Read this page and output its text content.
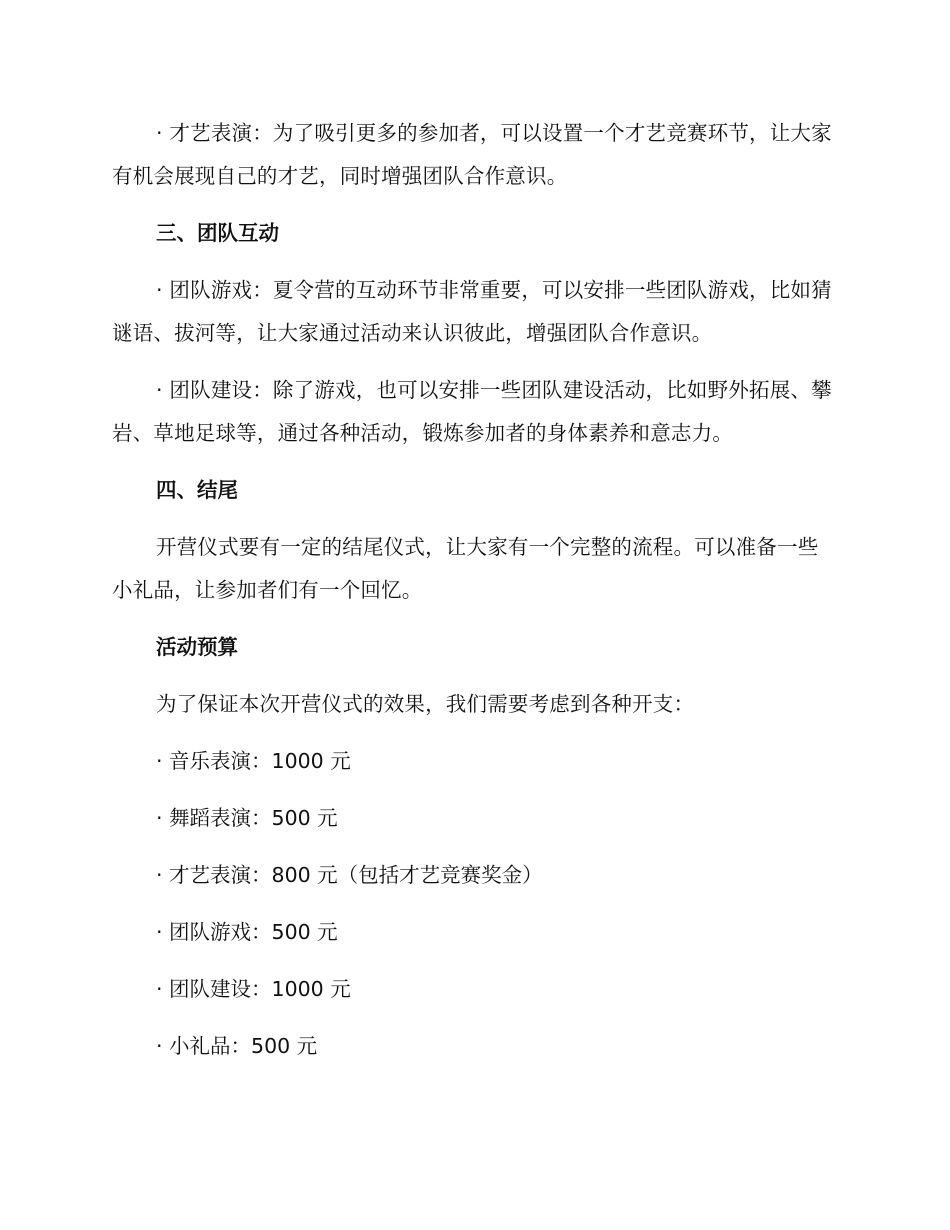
· 才艺表演：为了吸引更多的参加者，可以设置一个才艺竞赛环节，让大家有机会展现自己的才艺，同时增强团队合作意识。

三、团队互动

· 团队游戏：夏令营的互动环节非常重要，可以安排一些团队游戏，比如猜谜语、拔河等，让大家通过活动来认识彼此，增强团队合作意识。

· 团队建设：除了游戏，也可以安排一些团队建设活动，比如野外拓展、攀岩、草地足球等，通过各种活动，锻炼参加者的身体素养和意志力。

四、结尾

开营仪式要有一定的结尾仪式，让大家有一个完整的流程。可以准备一些小礼品，让参加者们有一个回忆。

活动预算

为了保证本次开营仪式的效果，我们需要考虑到各种开支：

· 音乐表演：1000 元

· 舞蹈表演：500 元

· 才艺表演：800 元（包括才艺竞赛奖金）

· 团队游戏：500 元

· 团队建设：1000 元

· 小礼品：500 元
